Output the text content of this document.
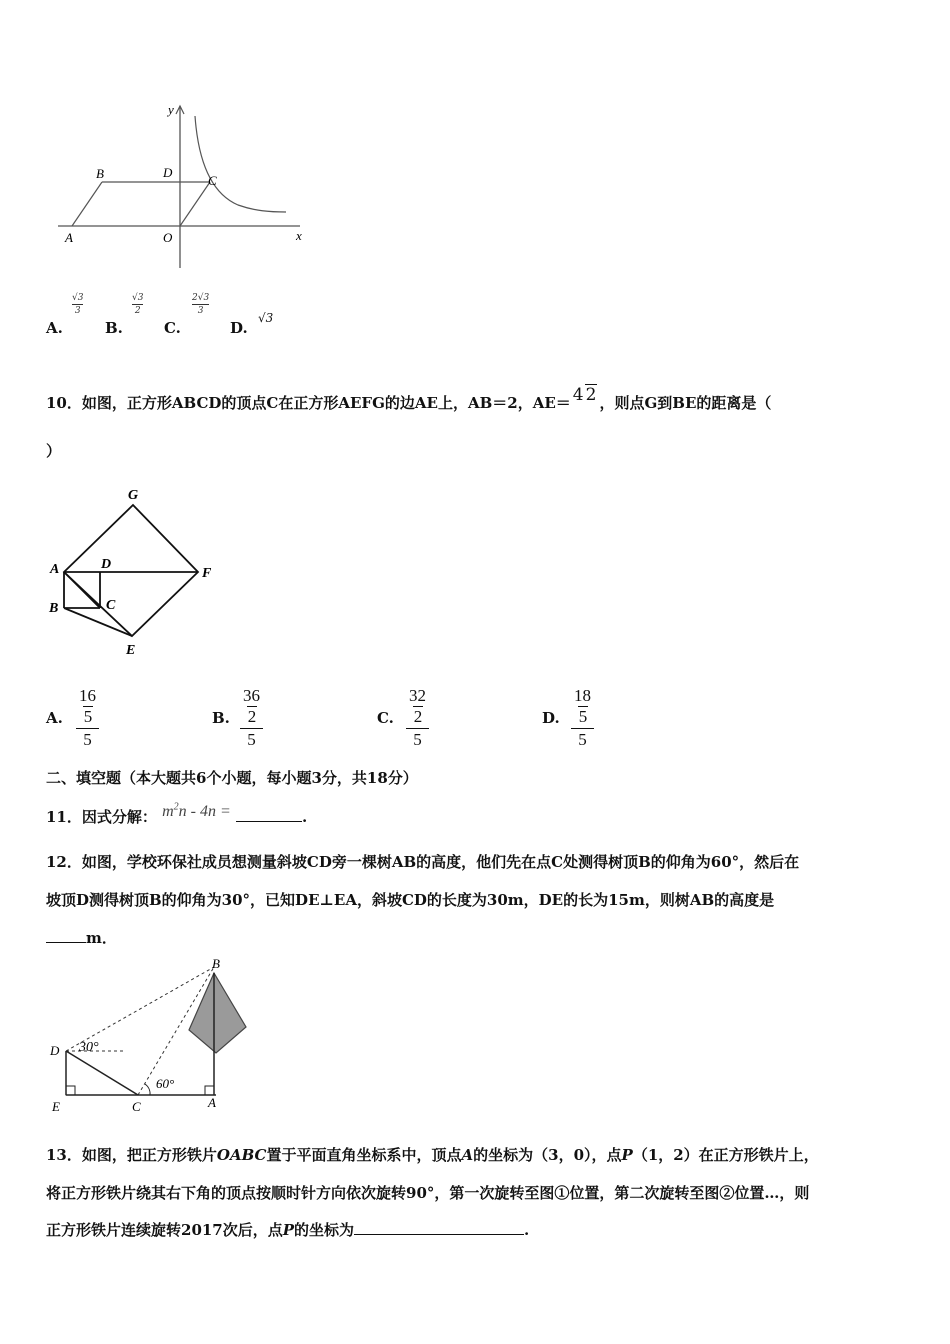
y
x
B	D
C
A	O
A.
√3
3
B.
√3
2
C.
2√3
3
D.
√3
10．如图，正方形ABCD的顶点C在正方形AEFG的边AE上，AB＝2，AE＝ 4 2 ，则点G到BE的距离是（
）
G
A	D
F
B	C
E
A. $\frac{165}{5}$	B. $\frac{362}{5}$	C. $\frac{322}{5}$	D. $\frac{185}{5}$
二、填空题（本大题共6个小题，每小题3分，共18分）
11．因式分解： $m^2n - 4n$ =	.
12．如图，学校环保社成员想测量斜坡CD旁一棵树AB的高度，他们先在点C处测得树顶B的仰角为60°，然后在
坡顶D测得树顶B的仰角为30°，已知DE⊥EA，斜坡CD的长度为30m，DE的长为15m，则树AB的高度是
m．
B
D 30°
60°
E	C	A
13．如图，把正方形铁片OABC置于平面直角坐标系中，顶点A的坐标为（3，0），点P（1，2）在正方形铁片上，
将正方形铁片绕其右下角的顶点按顺时针方向依次旋转90°，第一次旋转至图①位置，第二次旋转至图②位置…，则
正方形铁片连续旋转2017次后，点P的坐标为	.
